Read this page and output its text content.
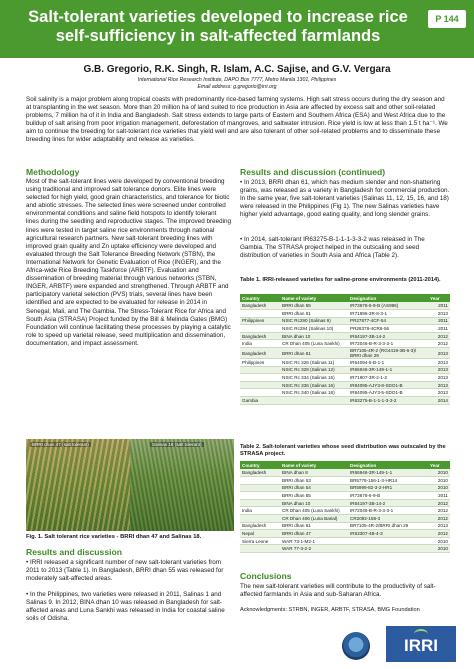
Salt-tolerant varieties developed to increase rice self-sufficiency in salt-affected farmlands
P 144
G.B. Gregorio, R.K. Singh, R. Islam, A.C. Sajise, and G.V. Vergara
International Rice Research Institute, DAPO Box 7777, Metro Manila 1301, Philippines
Email address: g.gregorio@irri.org
Soil salinity is a major problem along tropical coasts with predominantly rice-based farming systems. High salt stress occurs during the dry season and at transplanting in the wet season. More than 20 million ha of land suited to rice production in Asia are affected by excess salt and other soil-related problems, 7 million ha of it in India and Bangladesh. Salt stress extends to large parts of Eastern and Southern Africa (ESA) and West Africa due to the buildup of salt arising from poor irrigation management, deforestation of mangroves, and saltwater intrusion. Rice yield is low at less than 1.5 t ha⁻¹. We aim to continue the breeding for salt-tolerant rice varieties that yield well and are also tolerant of other soil-related problems and to disseminate these breeding lines for wider adaptability and release as varieties.
Methodology
Most of the salt-tolerant lines were developed by conventional breeding using traditional and improved salt tolerance donors. Elite lines were selected for high yield, good grain characteristics, and tolerance for biotic and abiotic stresses. The selected lines were screened under controlled environmental conditions and saline field hotspots to identify tolerant lines during the seedling and reproductive stages. The improved breeding lines were tested in target saline rice environments through national agricultural research partners. New salt-tolerant breeding lines with improved grain quality and Zn uptake efficiency were developed and evaluated through the Salt Tolerance Breeding Network (STBN), the International Network for Genetic Evaluation of Rice (INGER), and the Africa-wide Rice Breeding Taskforce (ARBTF). Evaluation and dissemination of breeding material through various networks (STBN, INGER, ARBTF) were expanded and strengthened. Through ARBTF and participatory varietal selection (PVS) trials, several lines have been identified and are expected to be evaluated for release in 2014 in Senegal, Mali, and The Gambia. The Stress-Tolerant Rice for Africa and South Asia (STRASA) Project funded by the Bill & Melinda Gates (BMG) Foundation will continue facilitating these processes by playing a catalytic role to speed up varietal release, seed multiplication and dissemination, documentation, and impact assessment.
BRRI dhan 47 (salt tolerant)	Salinas 18 (salt tolerant)
Fig. 1. Salt tolerant rice varieties - BRRI dhan 47 and Salinas 18.
Results and discussion
• IRRI released a significant number of new salt-tolerant varieties from 2011 to 2013 (Table 1). In Bangladesh, BRRI dhan 55 was released for moderately salt-affected areas.
• In the Philippines, two varieties were released in 2011, Salinas 1 and Salinas 9. In 2012, BINA dhan 10 was released in Bangladesh for salt-affected areas and Luna Sankhi was released in India for coastal saline soils of Odisha.
Results and discussion (continued)
• In 2013, BRRI dhan 61, which has medium slender and non-shattering grains, was released as a variety in Bangladesh for commercial production. In the same year, five salt-tolerant varieties (Salinas 11, 12, 15, 16, and 18) were released in the Philippines (Fig 1). The new Salinas varieties have higher yield advantage, good eating quality, and long slender grains.
• In 2014, salt-tolerant IR63275-B-1-1-1-3-3-2 was released in The Gambia. The STRASA project helped in the outscaling and seed distribution of varieties in South Asia and Africa (Table 2).
Table 1. IRRI-released varieties for saline-prone environments (2011-2014).
Country	Name of variety	Designation	Year
Bangladesh	BRRI dhan 55	IR73678-6-9-B (AS996)	2011
	BRRI dhan 61	IR71896-3R-8-3-1	2013
Philippines	NSIC Rc290 (Salinas 9)	PR27877-4CF-54	2011
	NSIC Rc294 (Salinas 10)	PR28378-4CR6-56	2011
Bangladesh	BINA dhan 10	IR64197-3B-14-2	2012
India	CR Dhan 405 (Luna Sankhi)	IR72046-B-R-3-3-3-1	2012
Bangladesh	BRRI dhan 61	BR7105-4R-2 (RG4419-3B-6-3)/ BRRI dhan 29	2013
Philippines	NSIC Rc 326 (Salinas 11)	IR64094-5-B-1-1	2013
	NSIC Rc 328 (Salinas 12)	IR66946-3R-149-1-1	2013
	NSIC Rc 334 (Salinas 15)	IR71907-3R-2-1-2	2013
	NSIC Rc 336 (Salinas 16)	IR84095-AJY3-8-SDO1-B	2013
	NSIC Rc 340 (Salinas 18)	IR84095-AJY3-5-SDO1-B	2013
Gambia		IR63275-B-1-1-1-3-3-2	2014
Table 2. Salt-tolerant varieties whose seed distribution was outscaled by the STRASA project.
Country	Name of variety	Designation	Year
Bangladesh	BINA dhan 8	IR66946-3R-149-1-1	2010
	BRRI dhan 53	BR5778-156-1-3-HR14	2010
	BRRI dhan 54	BR5999-82-3-2-HR1	2010
	BRRI dhan 55	IR73678-6-9-B	2011
	BINA dhan 10	IR64197-3B-14-2	2012
India	CR Dhan 405 (Luna Sankhi)	IR72046-B-R-3-3-3-1	2012
	CR Dhan 406 (Luna Barial)	CR2092-158-3	2012
Bangladesh	BRRI dhan 61	BR7105-4R-2/BRRI dhan 29	2013
Nepal	BRRI dhan 47	IR63307-4B-4-3	2012
Sierra Leone	WAR 73-1-M2-1		2010
	WAR 77-3-2-2		2010
Conclusions
The new salt-tolerant varieties will contribute to the productivity of salt-affected farmlands in Asia and sub-Saharan Africa.
Acknowledgments: STRBN, INGER, ARBTF, STRASA, BMG Foundation
IRRI
